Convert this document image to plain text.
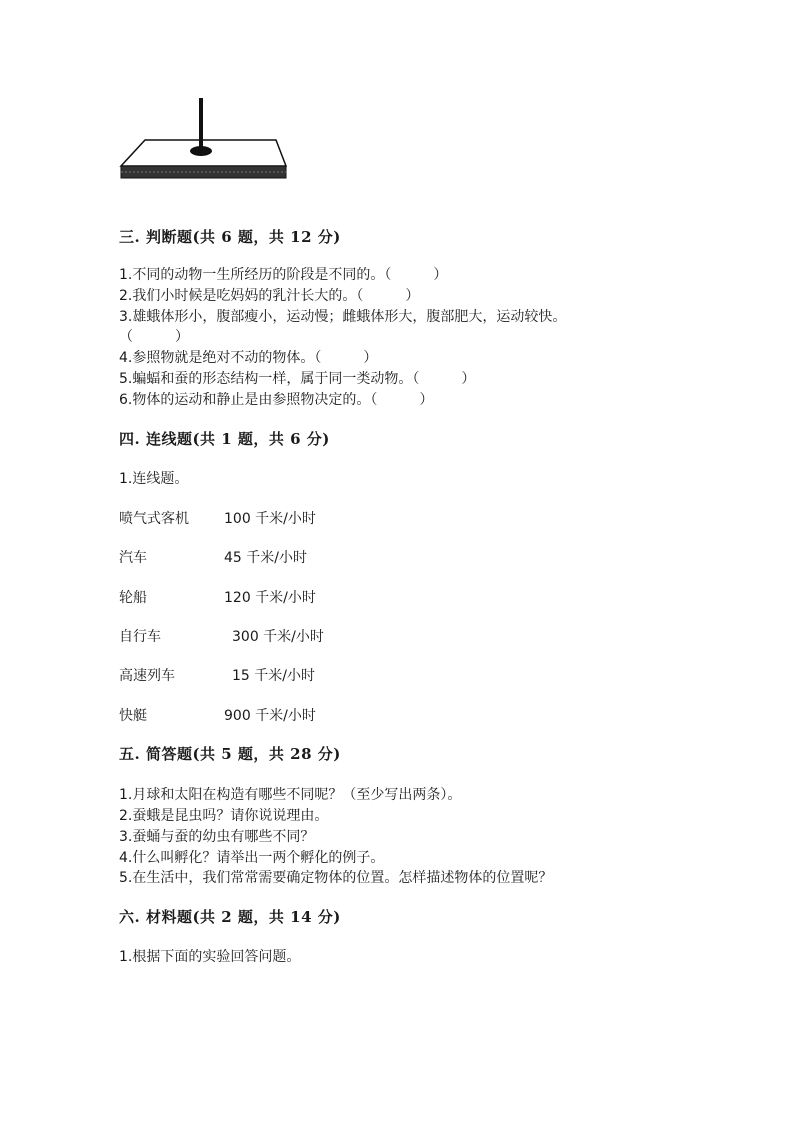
三. 判断题(共 6 题，共 12 分)
1.不同的动物一生所经历的阶段是不同的。（　　　）
2.我们小时候是吃妈妈的乳汁长大的。（　　　）
3.雄蛾体形小，腹部瘦小，运动慢；雌蛾体形大，腹部肥大，运动较快。
（　　　）
4.参照物就是绝对不动的物体。（　　　）
5.蝙蝠和蚕的形态结构一样，属于同一类动物。（　　　）
6.物体的运动和静止是由参照物决定的。（　　　）
四. 连线题(共 1 题，共 6 分)
1.连线题。
喷气式客机	100 千米/小时
汽车	45 千米/小时
轮船	120 千米/小时
自行车	300 千米/小时
高速列车	15 千米/小时
快艇	900 千米/小时
五. 简答题(共 5 题，共 28 分)
1.月球和太阳在构造有哪些不同呢？（至少写出两条）。
2.蚕蛾是昆虫吗？请你说说理由。
3.蚕蛹与蚕的幼虫有哪些不同？
4.什么叫孵化？请举出一两个孵化的例子。
5.在生活中，我们常常需要确定物体的位置。怎样描述物体的位置呢？
六. 材料题(共 2 题，共 14 分)
1.根据下面的实验回答问题。
